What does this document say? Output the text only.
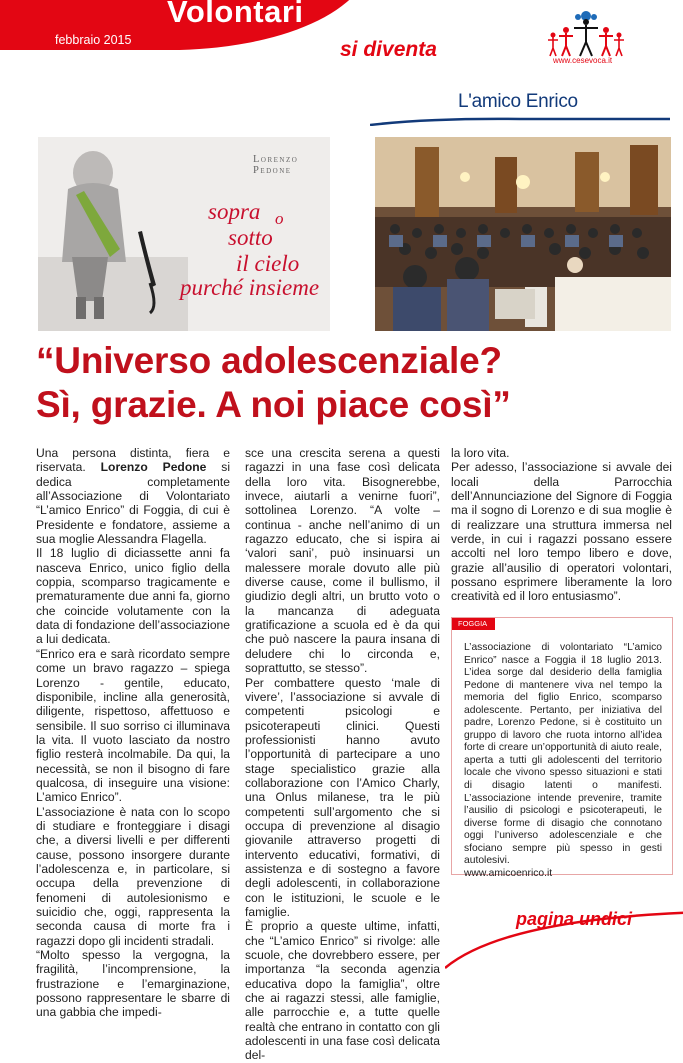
febbraio 2015
Volontari
si diventa	www.cesevoca.it
L'amico Enrico
Lorenzo Pedone
sopra o
sotto
il cielo
purché insieme
“Universo adolescenziale?
Sì, grazie. A noi piace così”

Una persona distinta, fiera e riservata. Lorenzo Pedone si dedica completamente all’Associazione di Volontariato “L’amico Enrico” di Foggia, di cui è Presidente e fondatore, assieme a sua moglie Alessandra Flagella.

Il 18 luglio di diciassette anni fa nasceva Enrico, unico figlio della coppia, scomparso tragicamente e prematuramente due anni fa, giorno che coincide volutamente con la data di fondazione dell’associazione a lui dedicata.

“Enrico era e sarà ricordato sempre come un bravo ragazzo – spiega Lorenzo - gentile, educato, disponibile, incline alla generosità, diligente, rispettoso, affettuoso e sensibile. Il suo sorriso ci illuminava la vita. Il vuoto lasciato da nostro figlio resterà incolmabile. Da qui, la necessità, se non il bisogno di fare qualcosa, di inseguire una visione: L’amico Enrico”.

L’associazione è nata con lo scopo di studiare e fronteggiare i disagi che, a diversi livelli e per differenti cause, possono insorgere durante l’adolescenza e, in particolare, si occupa della prevenzione di fenomeni di autolesionismo e suicidio che, oggi, rappresenta la seconda causa di morte fra i ragazzi dopo gli incidenti stradali.

“Molto spesso la vergogna, la fragilità, l’incomprensione, la frustrazione e l’emarginazione, possono rappresentare le sbarre di una gabbia che impedi-

sce una crescita serena a questi ragazzi in una fase così delicata della loro vita. Bisognerebbe, invece, aiutarli a venirne fuori”, sottolinea Lorenzo. “A volte – continua - anche nell’animo di un ragazzo educato, che si ispira ai ‘valori sani’, può insinuarsi un malessere morale dovuto alle più diverse cause, come il bullismo, il giudizio degli altri, un brutto voto o la mancanza di adeguata gratificazione a scuola ed è da qui che può nascere la paura insana di deludere chi lo circonda e, soprattutto, se stesso”.

Per combattere questo ‘male di vivere’, l’associazione si avvale di competenti psicologi e psicoterapeuti clinici. Questi professionisti hanno avuto l’opportunità di partecipare a uno stage specialistico grazie alla collaborazione con l’Amico Charly, una Onlus milanese, tra le più competenti sull’argomento che si occupa di prevenzione al disagio giovanile attraverso progetti di intervento educativi, formativi, di assistenza e di sostegno a favore degli adolescenti, in collaborazione con le istituzioni, le scuole e le famiglie.

È proprio a queste ultime, infatti, che “L’amico Enrico” si rivolge: alle scuole, che dovrebbero essere, per importanza “la seconda agenzia educativa dopo la famiglia”, oltre che ai ragazzi stessi, alle famiglie, alle parrocchie e, a tutte quelle realtà che entrano in contatto con gli adolescenti in una fase così delicata del-

la loro vita.

Per adesso, l’associazione si avvale dei locali della Parrocchia dell’Annunciazione del Signore di Foggia ma il sogno di Lorenzo e di sua moglie è di realizzare una struttura immersa nel verde, in cui i ragazzi possano essere accolti nel loro tempo libero e dove, grazie all’ausilio di operatori volontari, possano esprimere liberamente la loro creatività ed il loro entusiasmo”.

FOGGIA

L’associazione di volontariato “L’amico Enrico” nasce a Foggia il 18 luglio 2013. L’idea sorge dal desiderio della famiglia Pedone di mantenere viva nel tempo la memoria del figlio Enrico, scomparso adolescente. Pertanto, per iniziativa del padre, Lorenzo Pedone, si è costituito un gruppo di lavoro che ruota intorno all’idea forte di creare un’opportunità di aiuto reale, aperta a tutti gli adolescenti del territorio locale che vivono spesso situazioni e stati di disagio latenti o manifesti. L’associazione intende prevenire, tramite l’ausilio di psicologi e psicoterapeuti, le diverse forme di disagio che connotano oggi l’universo adolescenziale e che sfociano sempre più spesso in gesti autolesivi.

www.amicoenrico.it

pagina undici
